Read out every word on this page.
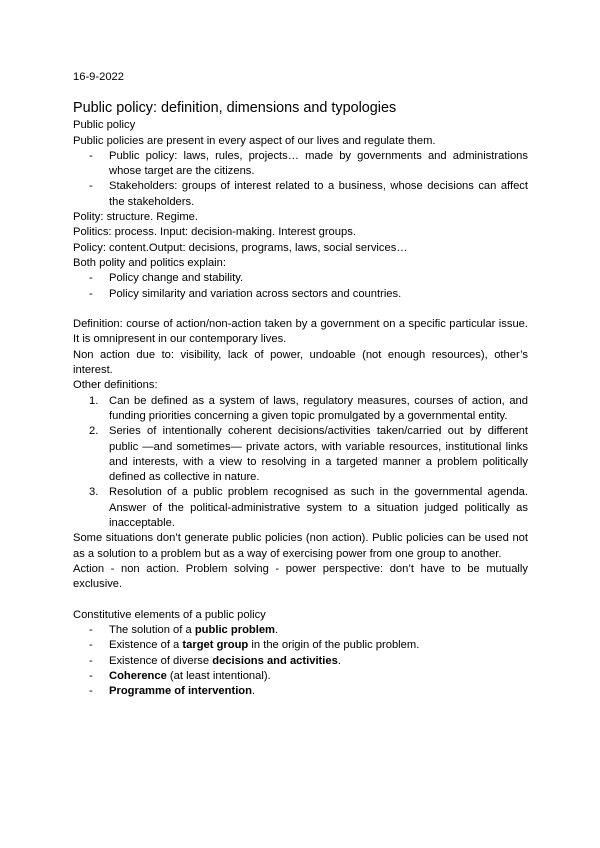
16-9-2022

Public policy: definition, dimensions and typologies

Public policy

Public policies are present in every aspect of our lives and regulate them.

- Public policy: laws, rules, projects… made by governments and administrations whose target are the citizens.
- Stakeholders: groups of interest related to a business, whose decisions can affect the stakeholders.

Polity: structure. Regime.

Politics: process. Input: decision-making. Interest groups.

Policy: content.Output: decisions, programs, laws, social services…

Both polity and politics explain:

- Policy change and stability.
- Policy similarity and variation across sectors and countries.

Definition: course of action/non-action taken by a government on a specific particular issue. It is omnipresent in our contemporary lives.

Non action due to: visibility, lack of power, undoable (not enough resources), other’s interest.

Other definitions:

1. Can be defined as a system of laws, regulatory measures, courses of action, and funding priorities concerning a given topic promulgated by a governmental entity.
2. Series of intentionally coherent decisions/activities taken/carried out by different public —and sometimes— private actors, with variable resources, institutional links and interests, with a view to resolving in a targeted manner a problem politically defined as collective in nature.
3. Resolution of a public problem recognised as such in the governmental agenda. Answer of the political-administrative system to a situation judged politically as inacceptable.

Some situations don’t generate public policies (non action). Public policies can be used not as a solution to a problem but as a way of exercising power from one group to another.

Action - non action. Problem solving - power perspective: don’t have to be mutually exclusive.

Constitutive elements of a public policy

- The solution of a public problem.
- Existence of a target group in the origin of the public problem.
- Existence of diverse decisions and activities.
- Coherence (at least intentional).
- Programme of intervention.
